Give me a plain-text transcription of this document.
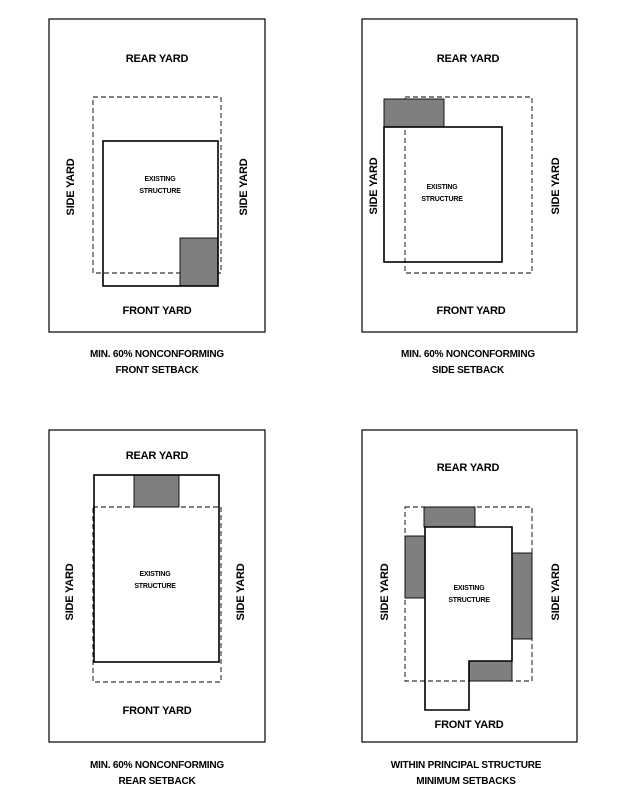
REAR YARD
FRONT YARD
SIDE YARD	SIDE YARD
EXISTING
STRUCTURE
MIN. 60% NONCONFORMING
FRONT SETBACK
REAR YARD
FRONT YARD
SIDE YARD	SIDE YARD
EXISTING
STRUCTURE
MIN. 60% NONCONFORMING
SIDE SETBACK
REAR YARD
FRONT YARD
SIDE YARD	SIDE YARD
EXISTING
STRUCTURE
MIN. 60% NONCONFORMING
REAR SETBACK
REAR YARD
FRONT YARD
SIDE YARD	SIDE YARD
EXISTING
STRUCTURE
WITHIN PRINCIPAL STRUCTURE
MINIMUM SETBACKS
